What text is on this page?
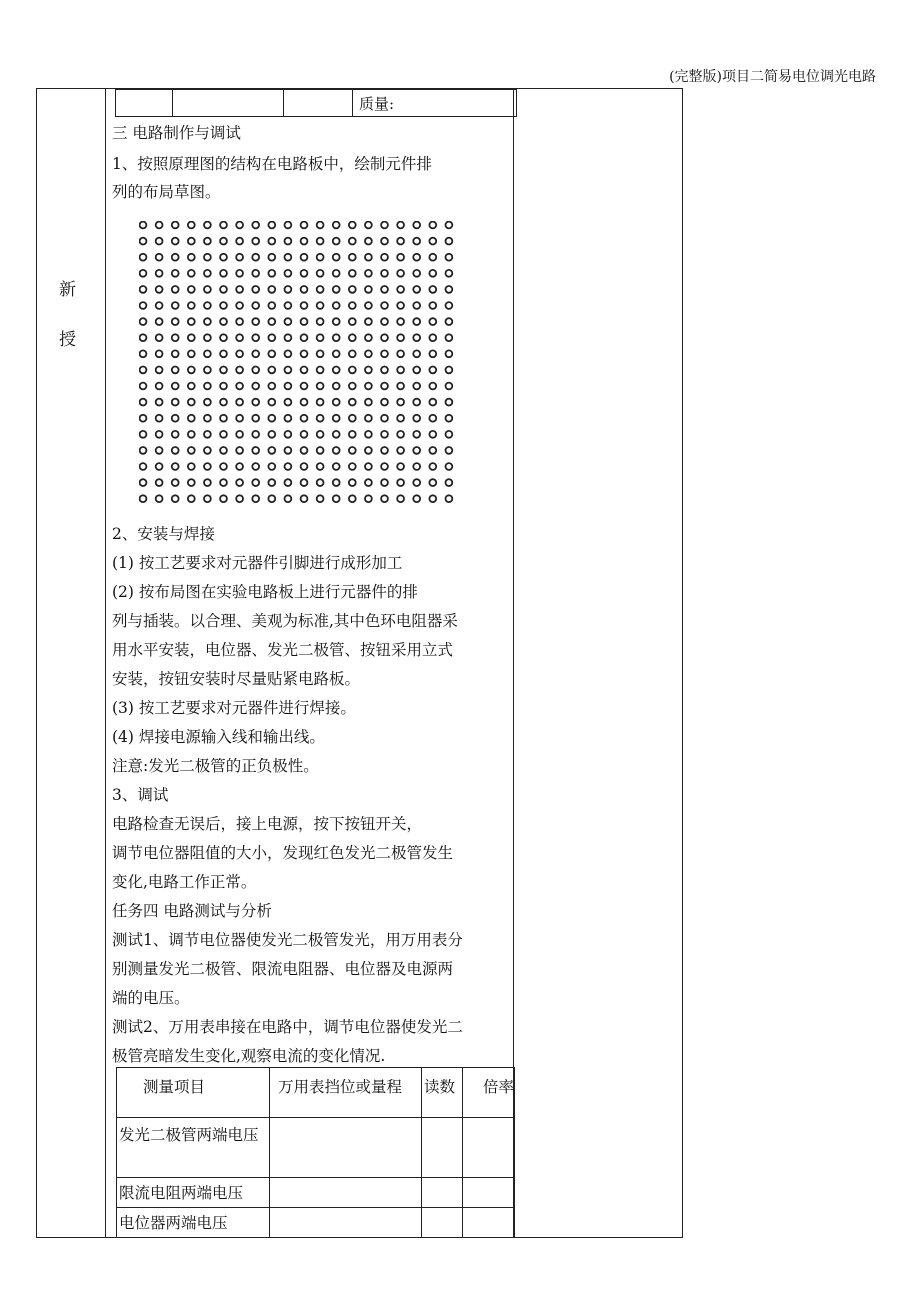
(完整版)项目二简易电位调光电路
新
授
			质量:
三 电路制作与调试
1、按照原理图的结构在电路板中，绘制元件排
列的布局草图。
2、安装与焊接
(1) 按工艺要求对元器件引脚进行成形加工
(2) 按布局图在实验电路板上进行元器件的排
列与插装。以合理、美观为标准,其中色环电阻器采
用水平安装，电位器、发光二极管、按钮采用立式
安装，按钮安装时尽量贴紧电路板。
(3) 按工艺要求对元器件进行焊接。
(4) 焊接电源输入线和输出线。
注意:发光二极管的正负极性。
3、调试
电路检查无误后，接上电源，按下按钮开关，
调节电位器阻值的大小，发现红色发光二极管发生
变化,电路工作正常。
任务四 电路测试与分析
测试1、调节电位器使发光二极管发光，用万用表分
别测量发光二极管、限流电阻器、电位器及电源两
端的电压。
测试2、万用表串接在电路中，调节电位器使发光二
极管亮暗发生变化,观察电流的变化情况.
测量项目	万用表挡位或量程	读数	倍率
发光二极管两端电压			
限流电阻两端电压			
电位器两端电压			
